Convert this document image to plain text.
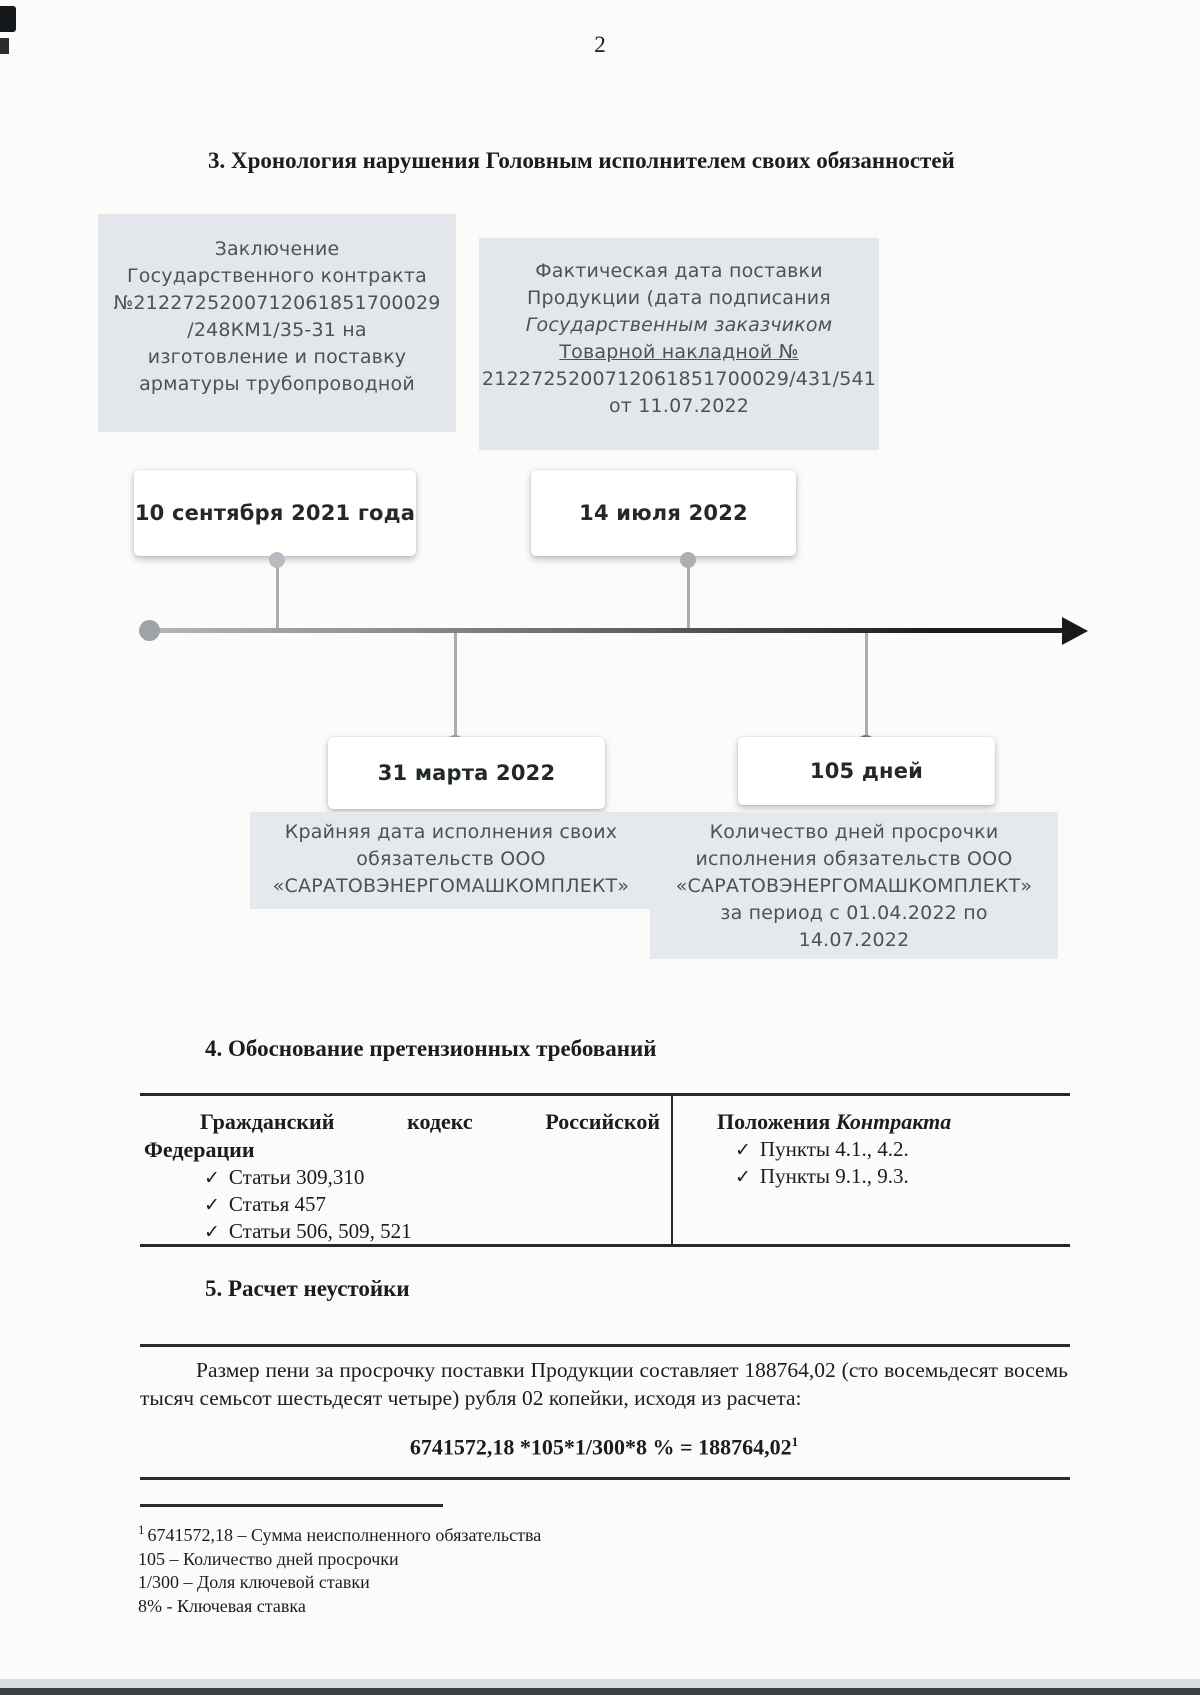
2
3. Хронология нарушения Головным исполнителем своих обязанностей
Заключение
Государственного контракта
№2122725200712061851700029
/248КМ1/35-31 на
изготовление и поставку
арматуры трубопроводной
Фактическая дата поставки
Продукции (дата подписания
Государственным заказчиком
Товарной накладной №
2122725200712061851700029/431/541
от 11.07.2022
10 сентября 2021 года	14 июля 2022
31 марта 2022	105 дней
Крайняя дата исполнения своих
обязательств ООО
«САРАТОВЭНЕРГОМАШКОМПЛЕКТ»
Количество дней просрочки
исполнения обязательств ООО
«САРАТОВЭНЕРГОМАШКОМПЛЕКТ»
за период с 01.04.2022 по
14.07.2022
4. Обоснование претензионных требований
Гражданский	кодекс	Российской
Федерации
✓ Статьи 309,310
✓ Статья 457
✓ Статьи 506, 509, 521
Положения Контракта
✓ Пункты 4.1., 4.2.
✓ Пункты 9.1., 9.3.
5. Расчет неустойки
Размер пени за просрочку поставки Продукции составляет 188764,02 (сто восемьдесят восемь тысяч семьсот шестьдесят четыре) рубля 02 копейки, исходя из расчета:
6741572,18 *105*1/300*8 % = $188764,02^1$
$^1$ 6741572,18 – Сумма неисполненного обязательства
105 – Количество дней просрочки
1/300 – Доля ключевой ставки
8% - Ключевая ставка
